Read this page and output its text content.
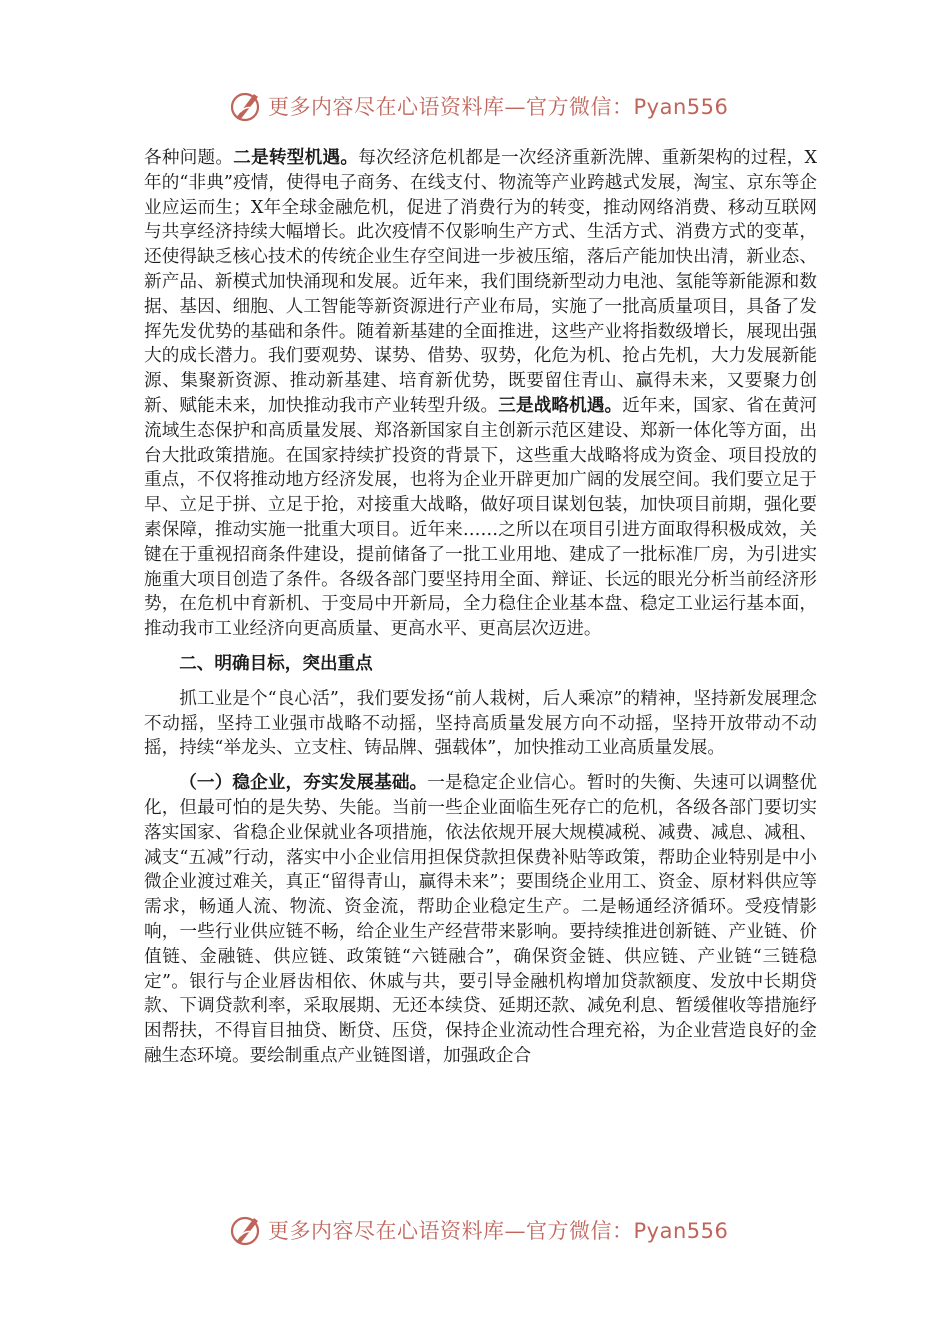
更多内容尽在心语资料库—官方微信：Pyan556

各种问题。二是转型机遇。每次经济危机都是一次经济重新洗牌、重新架构的过程，X年的“非典”疫情，使得电子商务、在线支付、物流等产业跨越式发展，淘宝、京东等企业应运而生；X年全球金融危机，促进了消费行为的转变，推动网络消费、移动互联网与共享经济持续大幅增长。此次疫情不仅影响生产方式、生活方式、消费方式的变革，还使得缺乏核心技术的传统企业生存空间进一步被压缩，落后产能加快出清，新业态、新产品、新模式加快涌现和发展。近年来，我们围绕新型动力电池、氢能等新能源和数据、基因、细胞、人工智能等新资源进行产业布局，实施了一批高质量项目，具备了发挥先发优势的基础和条件。随着新基建的全面推进，这些产业将指数级增长，展现出强大的成长潜力。我们要观势、谋势、借势、驭势，化危为机、抢占先机，大力发展新能源、集聚新资源、推动新基建、培育新优势，既要留住青山、赢得未来，又要聚力创新、赋能未来，加快推动我市产业转型升级。三是战略机遇。近年来，国家、省在黄河流域生态保护和高质量发展、郑洛新国家自主创新示范区建设、郑新一体化等方面，出台大批政策措施。在国家持续扩投资的背景下，这些重大战略将成为资金、项目投放的重点，不仅将推动地方经济发展，也将为企业开辟更加广阔的发展空间。我们要立足于早、立足于拼、立足于抢，对接重大战略，做好项目谋划包装，加快项目前期，强化要素保障，推动实施一批重大项目。近年来……之所以在项目引进方面取得积极成效，关键在于重视招商条件建设，提前储备了一批工业用地、建成了一批标准厂房，为引进实施重大项目创造了条件。各级各部门要坚持用全面、辩证、长远的眼光分析当前经济形势，在危机中育新机、于变局中开新局，全力稳住企业基本盘、稳定工业运行基本面，推动我市工业经济向更高质量、更高水平、更高层次迈进。

二、明确目标，突出重点

抓工业是个“良心活”，我们要发扬“前人栽树，后人乘凉”的精神，坚持新发展理念不动摇，坚持工业强市战略不动摇，坚持高质量发展方向不动摇，坚持开放带动不动摇，持续“举龙头、立支柱、铸品牌、强载体”，加快推动工业高质量发展。

（一）稳企业，夯实发展基础。一是稳定企业信心。暂时的失衡、失速可以调整优化，但最可怕的是失势、失能。当前一些企业面临生死存亡的危机，各级各部门要切实落实国家、省稳企业保就业各项措施，依法依规开展大规模减税、减费、减息、减租、减支“五减”行动，落实中小企业信用担保贷款担保费补贴等政策，帮助企业特别是中小微企业渡过难关，真正“留得青山，赢得未来”；要围绕企业用工、资金、原材料供应等需求，畅通人流、物流、资金流，帮助企业稳定生产。二是畅通经济循环。受疫情影响，一些行业供应链不畅，给企业生产经营带来影响。要持续推进创新链、产业链、价值链、金融链、供应链、政策链“六链融合”，确保资金链、供应链、产业链“三链稳定”。银行与企业唇齿相依、休戚与共，要引导金融机构增加贷款额度、发放中长期贷款、下调贷款利率，采取展期、无还本续贷、延期还款、减免利息、暂缓催收等措施纾困帮扶，不得盲目抽贷、断贷、压贷，保持企业流动性合理充裕，为企业营造良好的金融生态环境。要绘制重点产业链图谱，加强政企合

更多内容尽在心语资料库—官方微信：Pyan556
